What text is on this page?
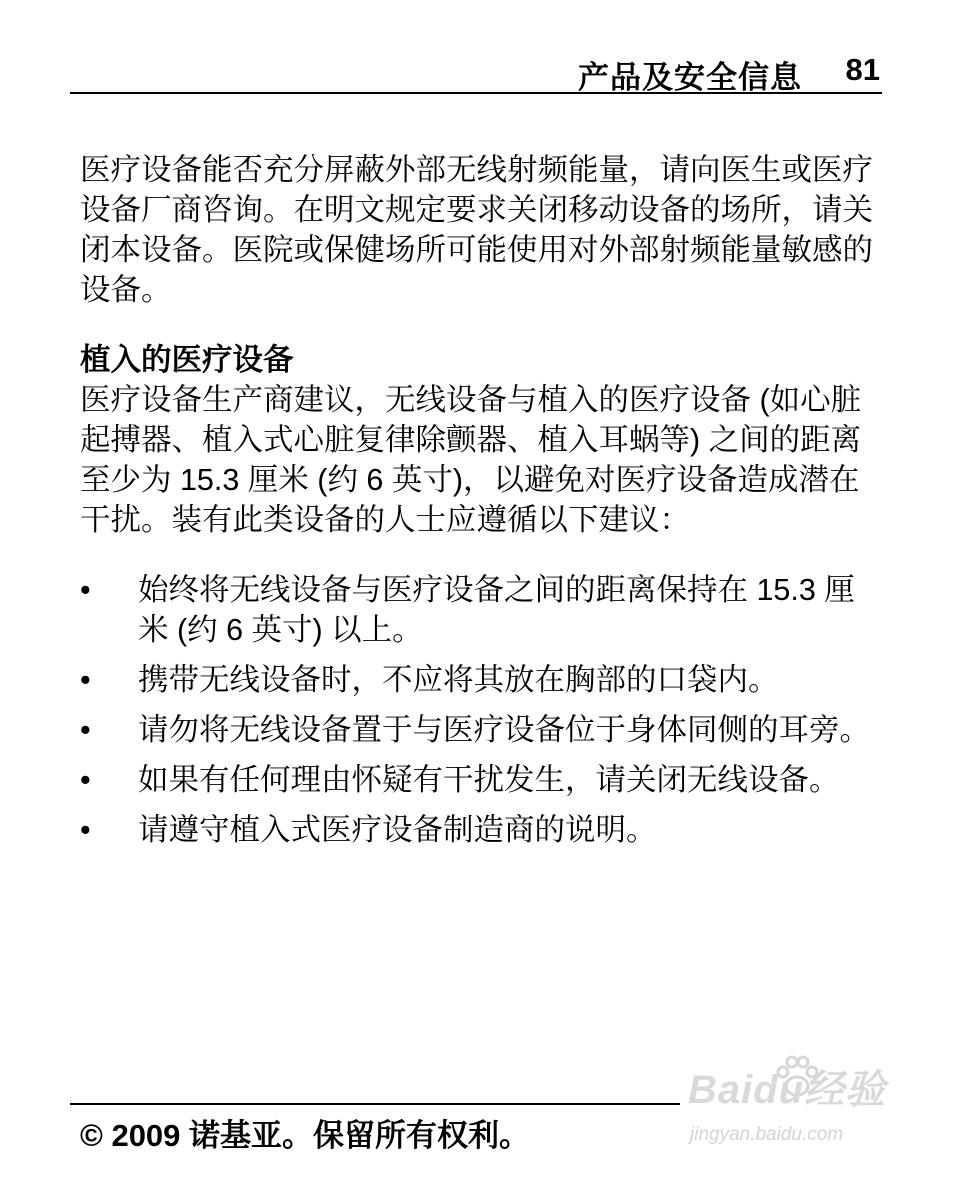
产品及安全信息 81

医疗设备能否充分屏蔽外部无线射频能量，请向医生或医疗设备厂商咨询。在明文规定要求关闭移动设备的场所，请关闭本设备。医院或保健场所可能使用对外部射频能量敏感的设备。

植入的医疗设备

医疗设备生产商建议，无线设备与植入的医疗设备 (如心脏起搏器、植入式心脏复律除颤器、植入耳蜗等) 之间的距离至少为 15.3 厘米 (约 6 英寸)，以避免对医疗设备造成潜在干扰。装有此类设备的人士应遵循以下建议：

• 始终将无线设备与医疗设备之间的距离保持在 15.3 厘米 (约 6 英寸) 以上。
• 携带无线设备时，不应将其放在胸部的口袋内。
• 请勿将无线设备置于与医疗设备位于身体同侧的耳旁。
• 如果有任何理由怀疑有干扰发生，请关闭无线设备。
• 请遵守植入式医疗设备制造商的说明。
© 2009 诺基亚。保留所有权利。
Baidu经验
jingyan.baidu.com
